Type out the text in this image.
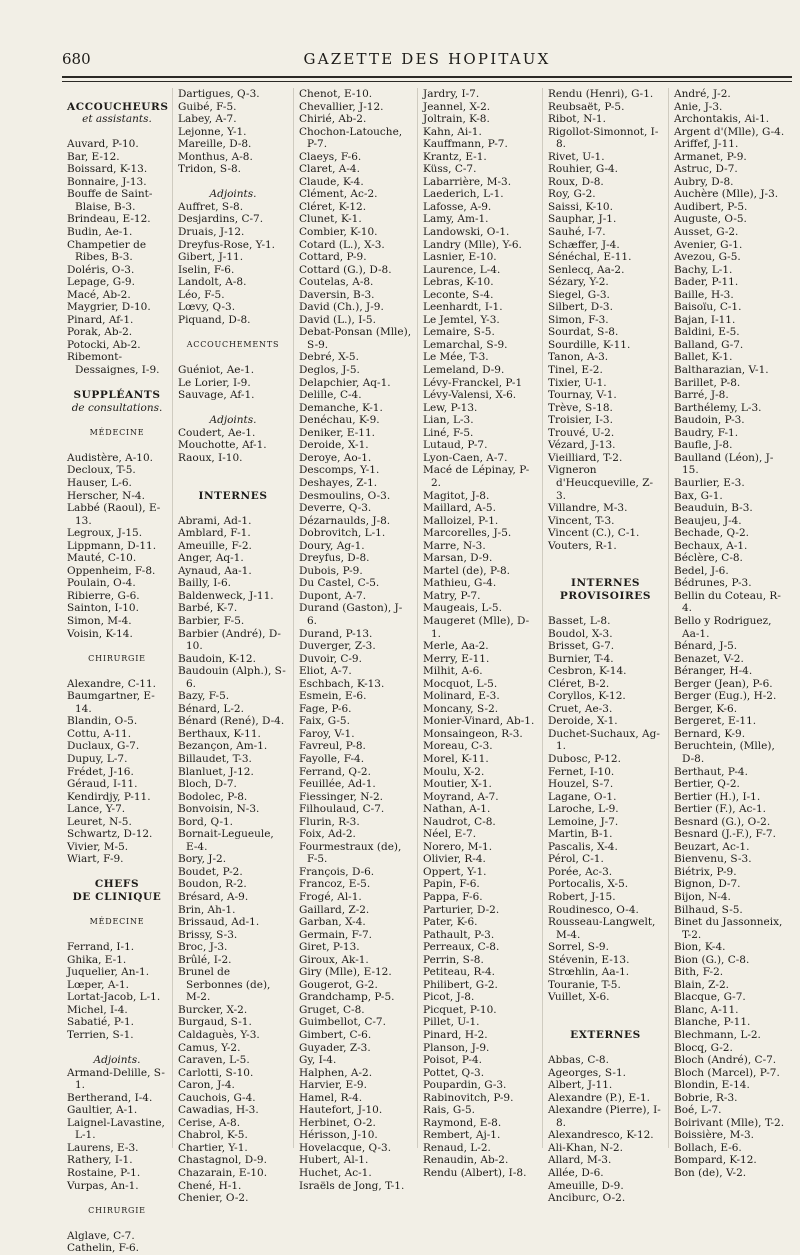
680	GAZETTE DES HOPITAUX
ACCOUCHEURS
et assistants.
Auvard, P-10.
Bar, E-12.
Boissard, K-13.
Bonnaire, J-13.
Bouffe de Saint-Blaise, B-3.
Brindeau, E-12.
Budin, Ae-1.
Champetier de Ribes, B-3.
Doléris, O-3.
Lepage, G-9.
Macé, Ab-2.
Maygrier, D-10.
Pinard, Af-1.
Porak, Ab-2.
Potocki, Ab-2.
Ribemont-Dessaignes, I-9.
SUPPLÉANTS
de consultations.
MÉDECINE
Audistère, A-10.
Decloux, T-5.
Hauser, L-6.
Herscher, N-4.
Labbé (Raoul), E-13.
Legroux, J-15.
Lippmann, D-11.
Mauté, C-10.
Oppenheim, F-8.
Poulain, O-4.
Ribierre, G-6.
Sainton, I-10.
Simon, M-4.
Voisin, K-14.
CHIRURGIE
Alexandre, C-11.
Baumgartner, E-14.
Blandin, O-5.
Cottu, A-11.
Duclaux, G-7.
Dupuy, L-7.
Frédet, J-16.
Géraud, I-11.
Kendirdjy, P-11.
Lance, Y-7.
Leuret, N-5.
Schwartz, D-12.
Vivier, M-5.
Wiart, F-9.
CHEFS
DE CLINIQUE
MÉDECINE
Ferrand, I-1.
Ghika, E-1.
Juquelier, An-1.
Lœper, A-1.
Lortat-Jacob, L-1.
Michel, I-4.
Sabatié, P-1.
Terrien, S-1.
Adjoints.
Armand-Delille, S-1.
Bertherand, I-4.
Gaultier, A-1.
Laignel-Lavastine, L-1.
Laurens, E-3.
Rathery, I-1.
Rostaine, P-1.
Vurpas, An-1.
CHIRURGIE
Alglave, C-7.
Cathelin, F-6.
Dartigues, Q-3.
Guibé, F-5.
Labey, A-7.
Lejonne, Y-1.
Mareille, D-8.
Monthus, A-8.
Tridon, S-8.
Adjoints.
Auffret, S-8.
Desjardins, C-7.
Druais, J-12.
Dreyfus-Rose, Y-1.
Gibert, J-11.
Iselin, F-6.
Landolt, A-8.
Léo, F-5.
Lœvy, Q-3.
Piquand, D-8.
ACCOUCHEMENTS
Guéniot, Ae-1.
Le Lorier, I-9.
Sauvage, Af-1.
Adjoints.
Coudert, Ae-1.
Mouchotte, Af-1.
Raoux, I-10.
INTERNES
Abrami, Ad-1.
Amblard, F-1.
Ameuille, F-2.
Anger, Aq-1.
Aynaud, Aa-1.
Bailly, I-6.
Baldenweck, J-11.
Barbé, K-7.
Barbier, F-5.
Barbier (André), D-10.
Baudoin, K-12.
Baudouin (Alph.), S-6.
Bazy, F-5.
Bénard, L-2.
Bénard (René), D-4.
Berthaux, K-11.
Bezançon, Am-1.
Billaudet, T-3.
Blanluet, J-12.
Bloch, D-7.
Bodolec, P-8.
Bonvoisin, N-3.
Bord, Q-1.
Bornait-Legueule, E-4.
Bory, J-2.
Boudet, P-2.
Boudon, R-2.
Brésard, A-9.
Brin, Ah-1.
Brissaud, Ad-1.
Brissy, S-3.
Broc, J-3.
Brûlé, I-2.
Brunel de Serbonnes (de), M-2.
Burcker, X-2.
Burgaud, S-1.
Caldaguès, Y-3.
Camus, Y-2.
Caraven, L-5.
Carlotti, S-10.
Caron, J-4.
Cauchois, G-4.
Cawadias, H-3.
Cerise, A-8.
Chabrol, K-5.
Chartier, Y-1.
Chastagnol, D-9.
Chazarain, E-10.
Chené, H-1.
Chenier, O-2.
Chenot, E-10.
Chevallier, J-12.
Chirié, Ab-2.
Chochon-Latouche, P-7.
Claeys, F-6.
Claret, A-4.
Claude, K-4.
Clément, Ac-2.
Cléret, K-12.
Clunet, K-1.
Combier, K-10.
Cotard (L.), X-3.
Cottard, P-9.
Cottard (G.), D-8.
Coutelas, A-8.
Daversin, B-3.
David (Ch.), J-9.
David (L.), I-5.
Debat-Ponsan (Mlle), S-9.
Debré, X-5.
Deglos, J-5.
Delapchier, Aq-1.
Delille, C-4.
Demanche, K-1.
Denéchau, K-9.
Deniker, E-11.
Deroide, X-1.
Deroye, Ao-1.
Descomps, Y-1.
Deshayes, Z-1.
Desmoulins, O-3.
Deverre, Q-3.
Dézarnaulds, J-8.
Dobrovitch, L-1.
Doury, Ag-1.
Dreyfus, D-8.
Dubois, P-9.
Du Castel, C-5.
Dupont, A-7.
Durand (Gaston), J-6.
Durand, P-13.
Duverger, Z-3.
Duvoir, C-9.
Eliot, A-7.
Eschbach, K-13.
Esmein, E-6.
Fage, P-6.
Faix, G-5.
Faroy, V-1.
Favreul, P-8.
Fayolle, F-4.
Ferrand, Q-2.
Feuillée, Ad-1.
Fiessinger, N-2.
Filhoulaud, C-7.
Flurin, R-3.
Foix, Ad-2.
Fourmestraux (de), F-5.
François, D-6.
Francoz, E-5.
Frogé, Al-1.
Gaillard, Z-2.
Garban, X-4.
Germain, F-7.
Giret, P-13.
Giroux, Ak-1.
Giry (Mlle), E-12.
Gougerot, G-2.
Grandchamp, P-5.
Gruget, C-8.
Guimbellot, C-7.
Gimbert, C-6.
Guyader, Z-3.
Gy, I-4.
Halphen, A-2.
Harvier, E-9.
Hamel, R-4.
Hautefort, J-10.
Herbinet, O-2.
Hérisson, J-10.
Hovelacque, Q-3.
Hubert, Al-1.
Huchet, Ac-1.
Israëls de Jong, T-1.
Jardry, I-7.
Jeannel, X-2.
Joltrain, K-8.
Kahn, Ai-1.
Kauffmann, P-7.
Krantz, E-1.
Küss, C-7.
Labarrière, M-3.
Laederich, L-1.
Lafosse, A-9.
Lamy, Am-1.
Landowski, O-1.
Landry (Mlle), Y-6.
Lasnier, E-10.
Laurence, L-4.
Lebras, K-10.
Leconte, S-4.
Leenhardt, I-1.
Le Jemtel, Y-3.
Lemaire, S-5.
Lemarchal, S-9.
Le Mée, T-3.
Lemeland, D-9.
Lévy-Franckel, P-1
Lévy-Valensi, X-6.
Lew, P-13.
Lian, L-3.
Liné, F-5.
Lutaud, P-7.
Lyon-Caen, A-7.
Macé de Lépinay, P-2.
Magitot, J-8.
Maillard, A-5.
Malloizel, P-1.
Marcorelles, J-5.
Marre, N-3.
Marsan, D-9.
Martel (de), P-8.
Mathieu, G-4.
Matry, P-7.
Maugeais, L-5.
Maugeret (Mlle), D-1.
Merle, Aa-2.
Merry, E-11.
Milhit, A-6.
Mocquot, L-5.
Molinard, E-3.
Moncany, S-2.
Monier-Vinard, Ab-1.
Monsaingeon, R-3.
Moreau, C-3.
Morel, K-11.
Moulu, X-2.
Moutier, X-1.
Moyrand, A-7.
Nathan, A-1.
Naudrot, C-8.
Néel, E-7.
Norero, M-1.
Olivier, R-4.
Oppert, Y-1.
Papin, F-6.
Pappa, F-6.
Parturier, D-2.
Pater, K-6.
Pathault, P-3.
Perreaux, C-8.
Perrin, S-8.
Petiteau, R-4.
Philibert, G-2.
Picot, J-8.
Picquet, P-10.
Pillet, U-1.
Pinard, H-2.
Planson, J-9.
Poisot, P-4.
Pottet, Q-3.
Poupardin, G-3.
Rabinovitch, P-9.
Rais, G-5.
Raymond, E-8.
Rembert, Aj-1.
Renaud, L-2.
Renaudin, Ab-2.
Rendu (Albert), I-8.
Rendu (Henri), G-1.
Reubsaët, P-5.
Ribot, N-1.
Rigollot-Simonnot, I-8.
Rivet, U-1.
Rouhier, G-4.
Roux, D-8.
Roy, G-2.
Saissi, K-10.
Sauphar, J-1.
Sauhé, I-7.
Schæffer, J-4.
Sénéchal, E-11.
Senlecq, Aa-2.
Sézary, Y-2.
Siegel, G-3.
Silbert, D-3.
Simon, F-3.
Sourdat, S-8.
Sourdille, K-11.
Tanon, A-3.
Tinel, E-2.
Tixier, U-1.
Tournay, V-1.
Trève, S-18.
Troisier, I-3.
Trouvé, U-2.
Vézard, J-13.
Vieilliard, T-2.
Vigneron d'Heucqueville, Z-3.
Villandre, M-3.
Vincent, T-3.
Vincent (C.), C-1.
Vouters, R-1.
INTERNES PROVISOIRES
Basset, L-8.
Boudol, X-3.
Brisset, G-7.
Burnier, T-4.
Cesbron, K-14.
Cléret, B-2.
Coryllos, K-12.
Cruet, Ae-3.
Deroide, X-1.
Duchet-Suchaux, Ag-1.
Dubosc, P-12.
Fernet, I-10.
Houzel, S-7.
Lagane, O-1.
Laroche, L-9.
Lemoine, J-7.
Martin, B-1.
Pascalis, X-4.
Pérol, C-1.
Porée, Ac-3.
Portocalis, X-5.
Robert, J-15.
Roudinesco, O-4.
Rousseau-Langwelt, M-4.
Sorrel, S-9.
Stévenin, E-13.
Strœhlin, Aa-1.
Touranie, T-5.
Vuillet, X-6.
EXTERNES
Abbas, C-8.
Ageorges, S-1.
Albert, J-11.
Alexandre (P.), E-1.
Alexandre (Pierre), I-8.
Alexandresco, K-12.
Ali-Khan, N-2.
Allard, M-3.
Allée, D-6.
Ameuille, D-9.
Anciburc, O-2.
André, J-2.
Anie, J-3.
Archontakis, Ai-1.
Argent d'(Mlle), G-4.
Ariffef, J-11.
Armanet, P-9.
Astruc, D-7.
Aubry, D-8.
Auchère (Mlle), J-3.
Audibert, P-5.
Auguste, O-5.
Ausset, G-2.
Avenier, G-1.
Avezou, G-5.
Bachy, L-1.
Bader, P-11.
Baille, H-3.
Baisoïu, C-1.
Bajan, I-11.
Baldini, E-5.
Balland, G-7.
Ballet, K-1.
Baltharazian, V-1.
Barillet, P-8.
Barré, J-8.
Barthélemy, L-3.
Baudoin, P-3.
Baudry, F-1.
Baufle, J-8.
Baulland (Léon), J-15.
Baurlier, E-3.
Bax, G-1.
Beauduin, B-3.
Beaujeu, J-4.
Bechade, Q-2.
Bechaux, A-1.
Béclère, C-8.
Bedel, J-6.
Bédrunes, P-3.
Bellin du Coteau, R-4.
Bello y Rodriguez, Aa-1.
Bénard, J-5.
Benazet, V-2.
Béranger, H-4.
Berger (Jean), P-6.
Berger (Eug.), H-2.
Berger, K-6.
Bergeret, E-11.
Bernard, K-9.
Beruchtein, (Mlle), D-8.
Berthaut, P-4.
Bertier, Q-2.
Bertier (H.), I-1.
Bertier (F.), Ac-1.
Besnard (G.), O-2.
Besnard (J.-F.), F-7.
Beuzart, Ac-1.
Bienvenu, S-3.
Biétrix, P-9.
Bignon, D-7.
Bijon, N-4.
Bilhaud, S-5.
Binet du Jassonneix, T-2.
Bion, K-4.
Bion (G.), C-8.
Bith, F-2.
Blain, Z-2.
Blacque, G-7.
Blanc, A-11.
Blanche, P-11.
Blechmann, L-2.
Blocq, G-2.
Bloch (André), C-7.
Bloch (Marcel), P-7.
Blondin, E-14.
Bobrie, R-3.
Boé, L-7.
Boirivant (Mlle), T-2.
Boissière, M-3.
Bollach, E-6.
Bompard, K-12.
Bon (de), V-2.
